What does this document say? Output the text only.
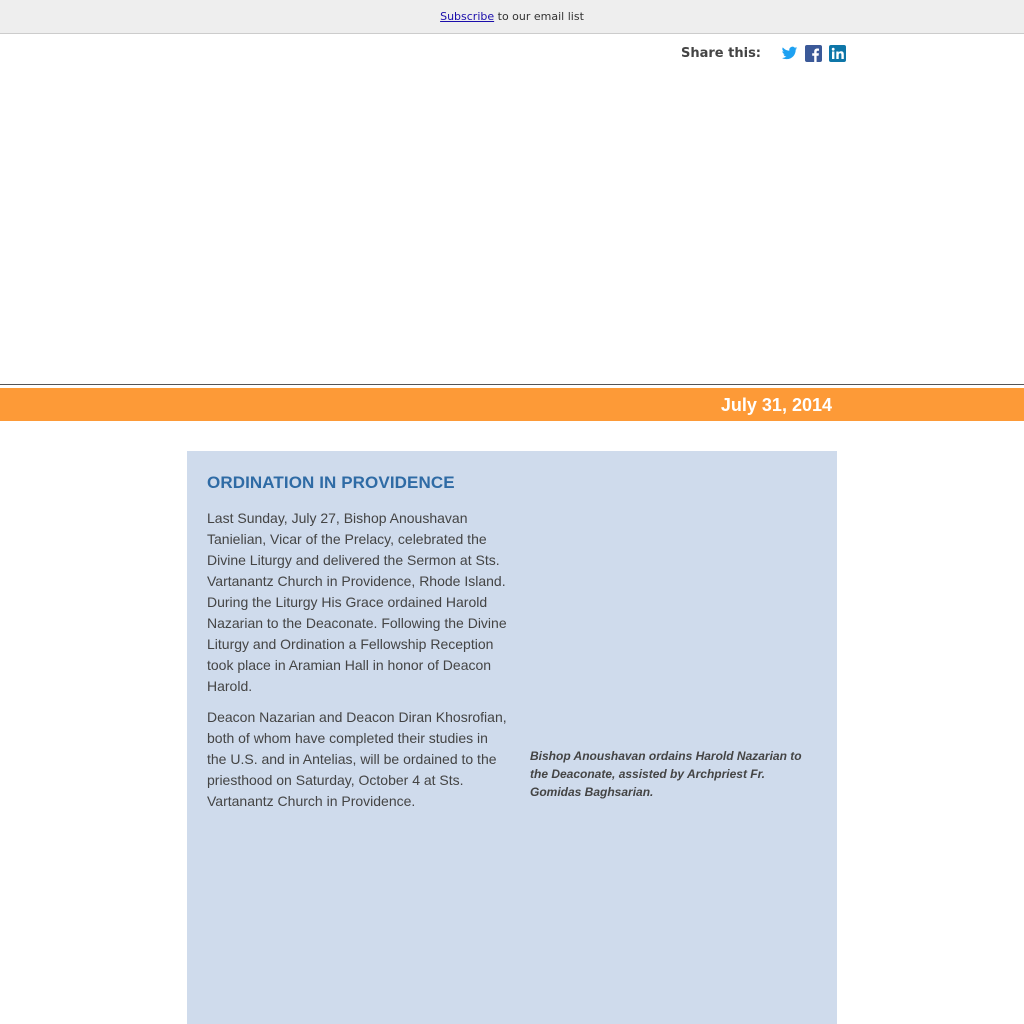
Subscribe to our email list
Share this:
July 31, 2014
ORDINATION IN PROVIDENCE

Last Sunday, July 27, Bishop Anoushavan Tanielian, Vicar of the Prelacy, celebrated the Divine Liturgy and delivered the Sermon at Sts. Vartanantz Church in Providence, Rhode Island. During the Liturgy His Grace ordained Harold Nazarian to the Deaconate. Following the Divine Liturgy and Ordination a Fellowship Reception took place in Aramian Hall in honor of Deacon Harold.

Deacon Nazarian and Deacon Diran Khosrofian, both of whom have completed their studies in the U.S. and in Antelias, will be ordained to the priesthood on Saturday, October 4 at Sts. Vartanantz Church in Providence.

Bishop Anoushavan ordains Harold Nazarian to the Deaconate, assisted by Archpriest Fr. Gomidas Baghsarian.
